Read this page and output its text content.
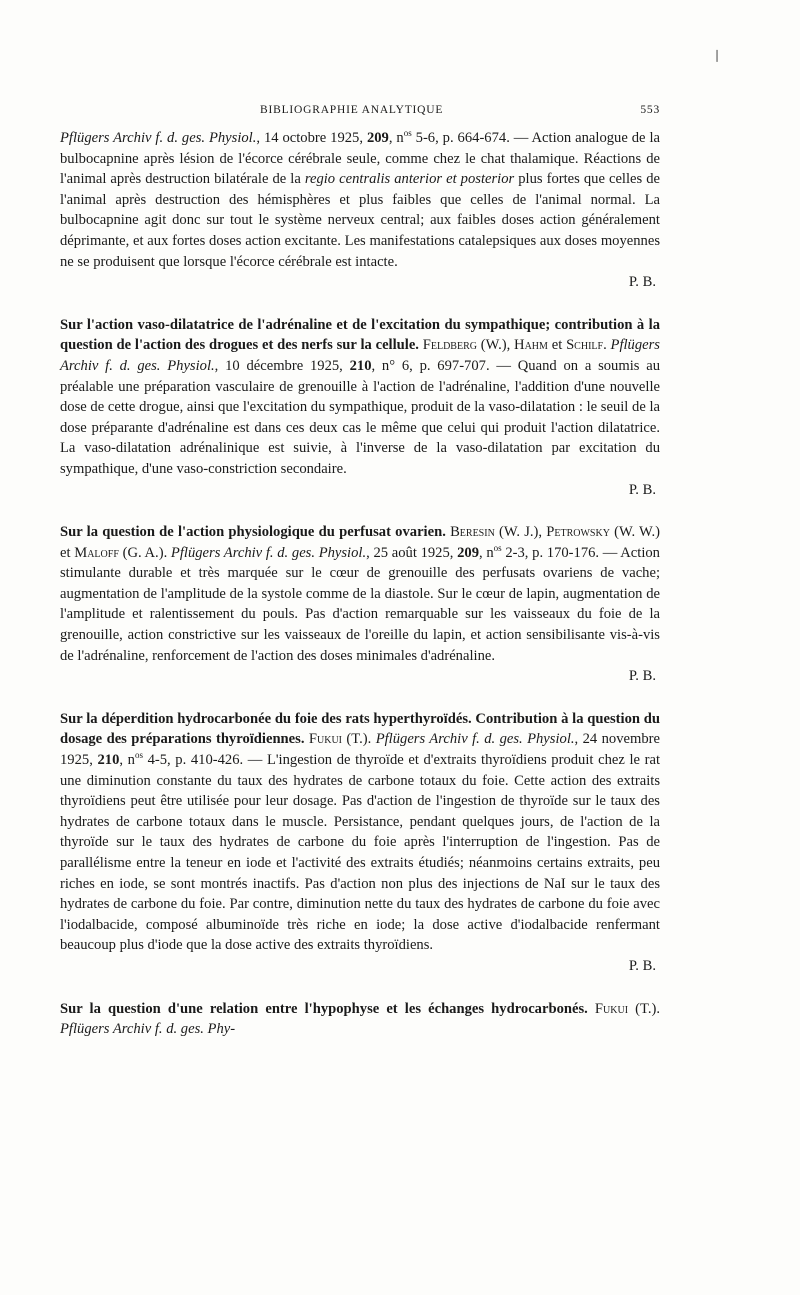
BIBLIOGRAPHIE ANALYTIQUE	553

Pflügers Archiv f. d. ges. Physiol., 14 octobre 1925, 209, $n^{os}$ 5-6, p. 664-674. — Action analogue de la bulbocapnine après lésion de l'écorce cérébrale seule, comme chez le chat thalamique. Réactions de l'animal après destruction bilatérale de la regio centralis anterior et posterior plus fortes que celles de l'animal après destruction des hémisphères et plus faibles que celles de l'animal normal. La bulbocapnine agit donc sur tout le système nerveux central; aux faibles doses action généralement déprimante, et aux fortes doses action excitante. Les manifestations catalepsiques aux doses moyennes ne se produisent que lorsque l'écorce cérébrale est intacte.

P. B.

Sur l'action vaso-dilatatrice de l'adrénaline et de l'excitation du sympathique; contribution à la question de l'action des drogues et des nerfs sur la cellule. Feldberg (W.), Hahm et Schilf. Pflügers Archiv f. d. ges. Physiol., 10 décembre 1925, 210, n° 6, p. 697-707. — Quand on a soumis au préalable une préparation vasculaire de grenouille à l'action de l'adrénaline, l'addition d'une nouvelle dose de cette drogue, ainsi que l'excitation du sympathique, produit de la vaso-dilatation : le seuil de la dose préparante d'adrénaline est dans ces deux cas le même que celui qui produit l'action dilatatrice. La vaso-dilatation adrénalinique est suivie, à l'inverse de la vaso-dilatation par excitation du sympathique, d'une vaso-constriction secondaire.

P. B.

Sur la question de l'action physiologique du perfusat ovarien. Beresin (W. J.), Petrowsky (W. W.) et Maloff (G. A.). Pflügers Archiv f. d. ges. Physiol., 25 août 1925, 209, $n^{os}$ 2-3, p. 170-176. — Action stimulante durable et très marquée sur le cœur de grenouille des perfusats ovariens de vache; augmentation de l'amplitude de la systole comme de la diastole. Sur le cœur de lapin, augmentation de l'amplitude et ralentissement du pouls. Pas d'action remarquable sur les vaisseaux du foie de la grenouille, action constrictive sur les vaisseaux de l'oreille du lapin, et action sensibilisante vis-à-vis de l'adrénaline, renforcement de l'action des doses minimales d'adrénaline.

P. B.

Sur la déperdition hydrocarbonée du foie des rats hyperthyroïdés. Contribution à la question du dosage des préparations thyroïdiennes. Fukui (T.). Pflügers Archiv f. d. ges. Physiol., 24 novembre 1925, 210, $n^{os}$ 4-5, p. 410-426. — L'ingestion de thyroïde et d'extraits thyroïdiens produit chez le rat une diminution constante du taux des hydrates de carbone totaux du foie. Cette action des extraits thyroïdiens peut être utilisée pour leur dosage. Pas d'action de l'ingestion de thyroïde sur le taux des hydrates de carbone totaux dans le muscle. Persistance, pendant quelques jours, de l'action de la thyroïde sur le taux des hydrates de carbone du foie après l'interruption de l'ingestion. Pas de parallélisme entre la teneur en iode et l'activité des extraits étudiés; néanmoins certains extraits, peu riches en iode, se sont montrés inactifs. Pas d'action non plus des injections de NaI sur le taux des hydrates de carbone du foie. Par contre, diminution nette du taux des hydrates de carbone du foie avec l'iodalbacide, composé albuminoïde très riche en iode; la dose active d'iodalbacide renfermant beaucoup plus d'iode que la dose active des extraits thyroïdiens.

P. B.

Sur la question d'une relation entre l'hypophyse et les échanges hydrocarbonés. Fukui (T.). Pflügers Archiv f. d. ges. Phy-

❘
